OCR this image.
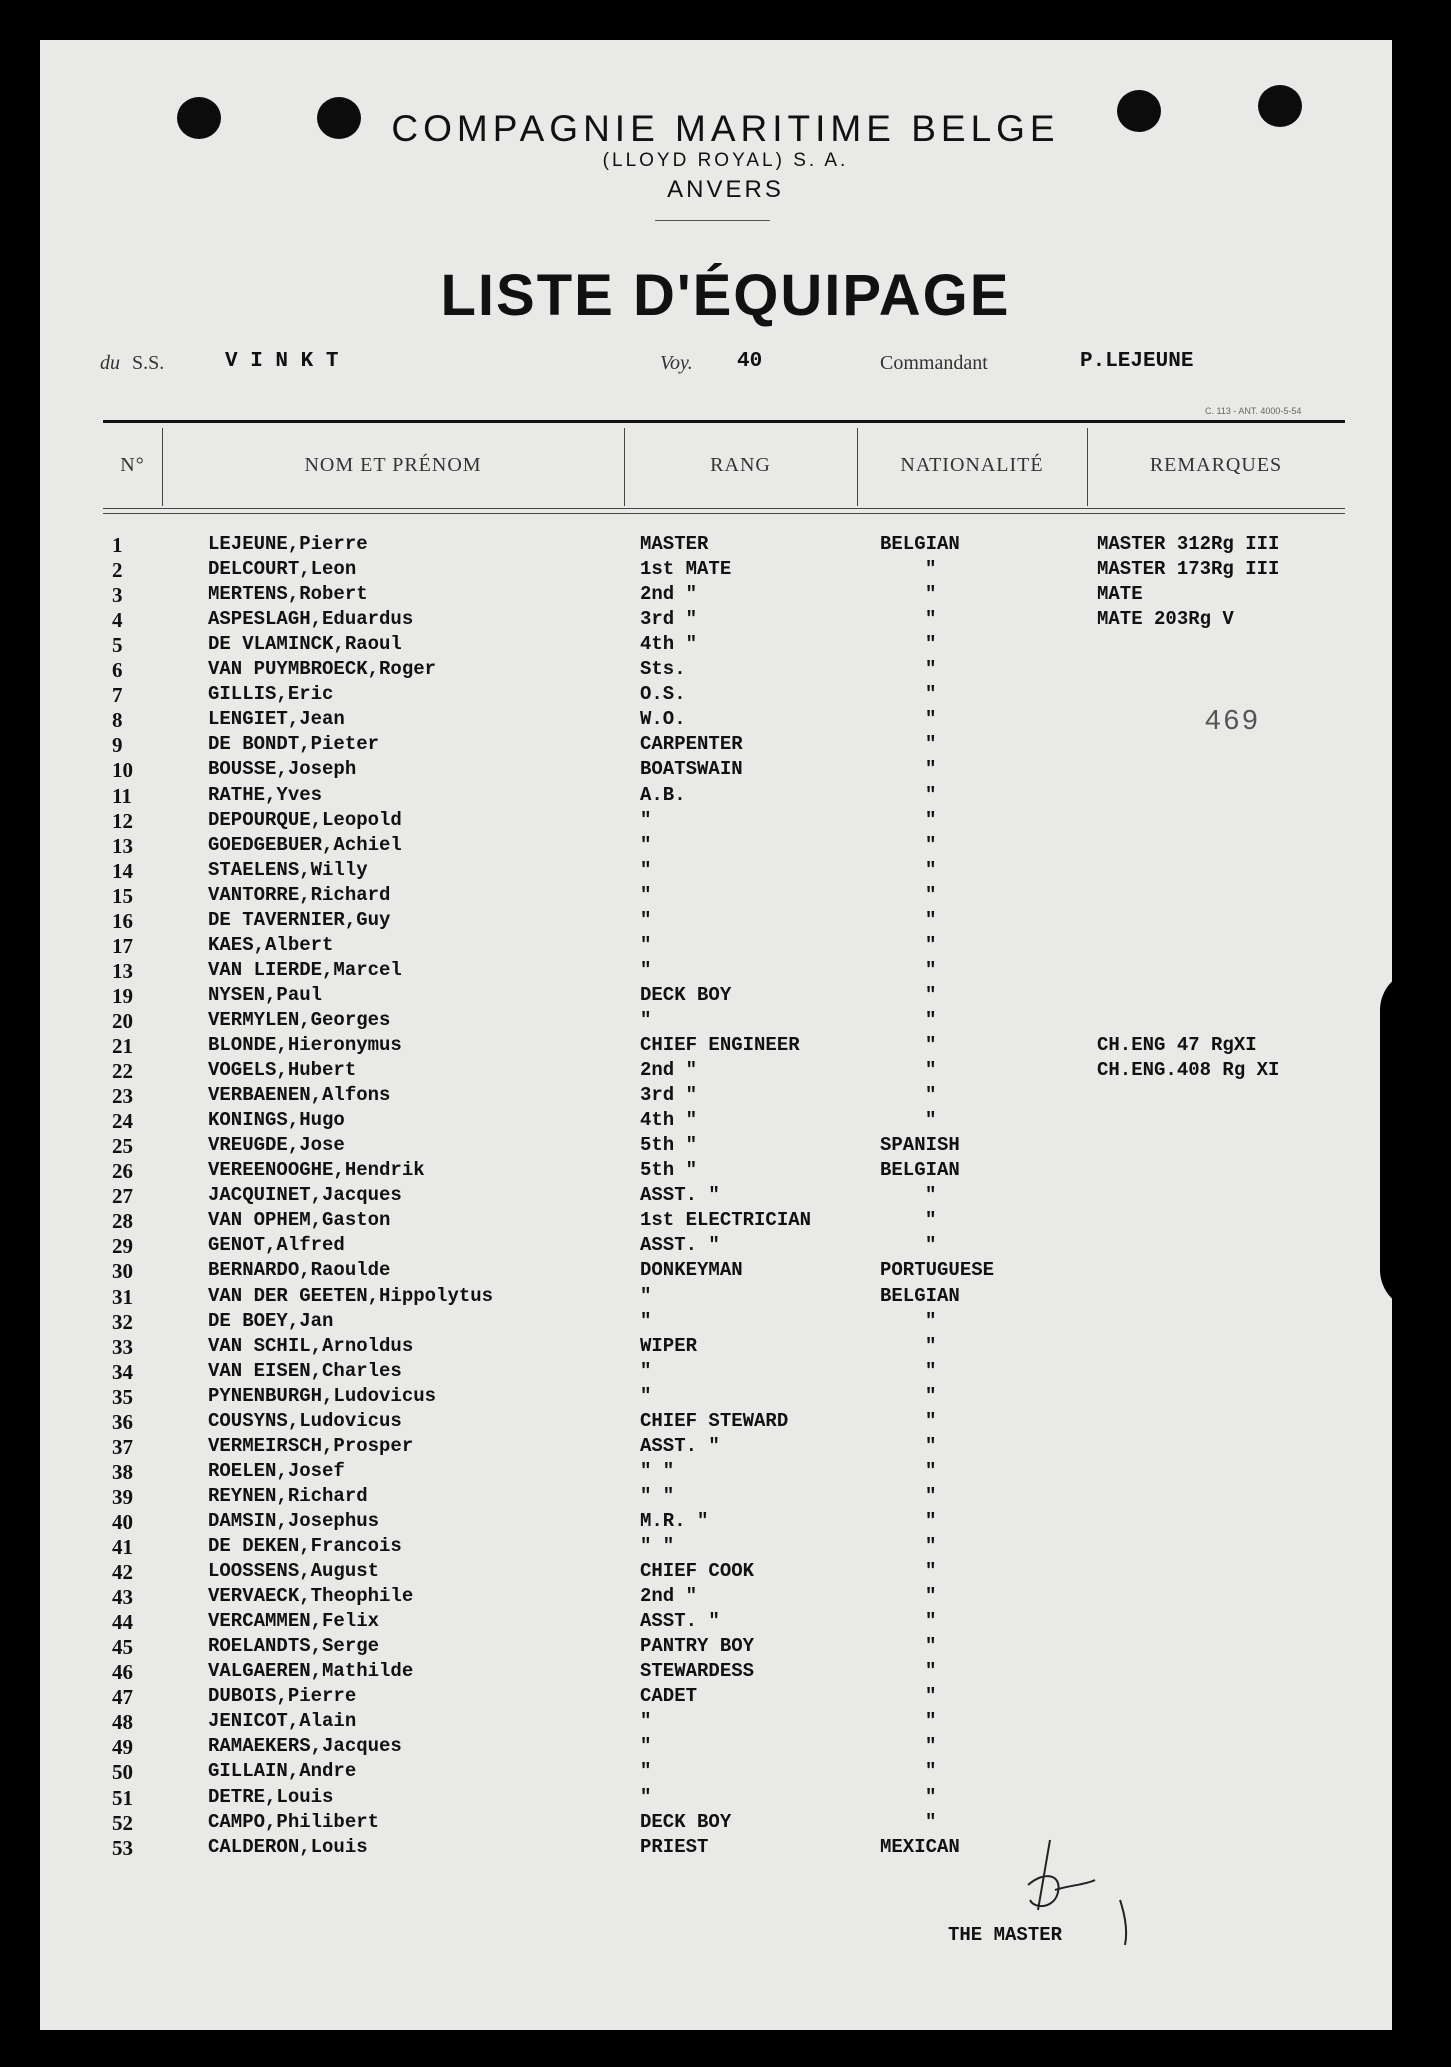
COMPAGNIE MARITIME BELGE
(LLOYD ROYAL) S. A.
ANVERS
LISTE D'ÉQUIPAGE
du S.S.	V I N K T	Voy. 40	Commandant	P.LEJEUNE
C. 113 - ANT. 4000-5-54
N°	NOM ET PRÉNOM	RANG	NATIONALITÉ	REMARQUES
1	LEJEUNE,Pierre	MASTER	BELGIAN	MASTER 312Rg III
2	DELCOURT,Leon	1st MATE	"	MASTER 173Rg III
3	MERTENS,Robert	2nd "	"	MATE
4	ASPESLAGH,Eduardus	3rd "	"	MATE 203Rg V
5	DE VLAMINCK,Raoul	4th "	"
6	VAN PUYMBROECK,Roger	Sts.	"
7	GILLIS,Eric	O.S.	"
8	LENGIET,Jean	W.O.	"
9	DE BONDT,Pieter	CARPENTER	"
10	BOUSSE,Joseph	BOATSWAIN	"
11	RATHE,Yves	A.B.	"
12	DEPOURQUE,Leopold	"	"
13	GOEDGEBUER,Achiel	"	"
14	STAELENS,Willy	"	"
15	VANTORRE,Richard	"	"
16	DE TAVERNIER,Guy	"	"
17	KAES,Albert	"	"
13	VAN LIERDE,Marcel	"	"
19	NYSEN,Paul	DECK BOY	"
20	VERMYLEN,Georges	"	"
21	BLONDE,Hieronymus	CHIEF ENGINEER	"	CH.ENG 47 RgXI
22	VOGELS,Hubert	2nd "	"	CH.ENG.408 Rg XI
23	VERBAENEN,Alfons	3rd "	"
24	KONINGS,Hugo	4th "	"
25	VREUGDE,Jose	5th "	SPANISH
26	VEREENOOGHE,Hendrik	5th "	BELGIAN
27	JACQUINET,Jacques	ASST. "	"
28	VAN OPHEM,Gaston	1st ELECTRICIAN	"
29	GENOT,Alfred	ASST. "	"
30	BERNARDO,Raoulde	DONKEYMAN	PORTUGUESE
31	VAN DER GEETEN,Hippolytus	"	BELGIAN
32	DE BOEY,Jan	"	"
33	VAN SCHIL,Arnoldus	WIPER	"
34	VAN EISEN,Charles	"	"
35	PYNENBURGH,Ludovicus	"	"
36	COUSYNS,Ludovicus	CHIEF STEWARD	"
37	VERMEIRSCH,Prosper	ASST. "	"
38	ROELEN,Josef	" "	"
39	REYNEN,Richard	" "	"
40	DAMSIN,Josephus	M.R. "	"
41	DE DEKEN,Francois	" "	"
42	LOOSSENS,August	CHIEF COOK	"
43	VERVAECK,Theophile	2nd "	"
44	VERCAMMEN,Felix	ASST. "	"
45	ROELANDTS,Serge	PANTRY BOY	"
46	VALGAEREN,Mathilde	STEWARDESS	"
47	DUBOIS,Pierre	CADET	"
48	JENICOT,Alain	"	"
49	RAMAEKERS,Jacques	"	"
50	GILLAIN,Andre	"	"
51	DETRE,Louis	"	"
52	CAMPO,Philibert	DECK BOY	"
53	CALDERON,Louis	PRIEST	MEXICAN
469
THE MASTER
